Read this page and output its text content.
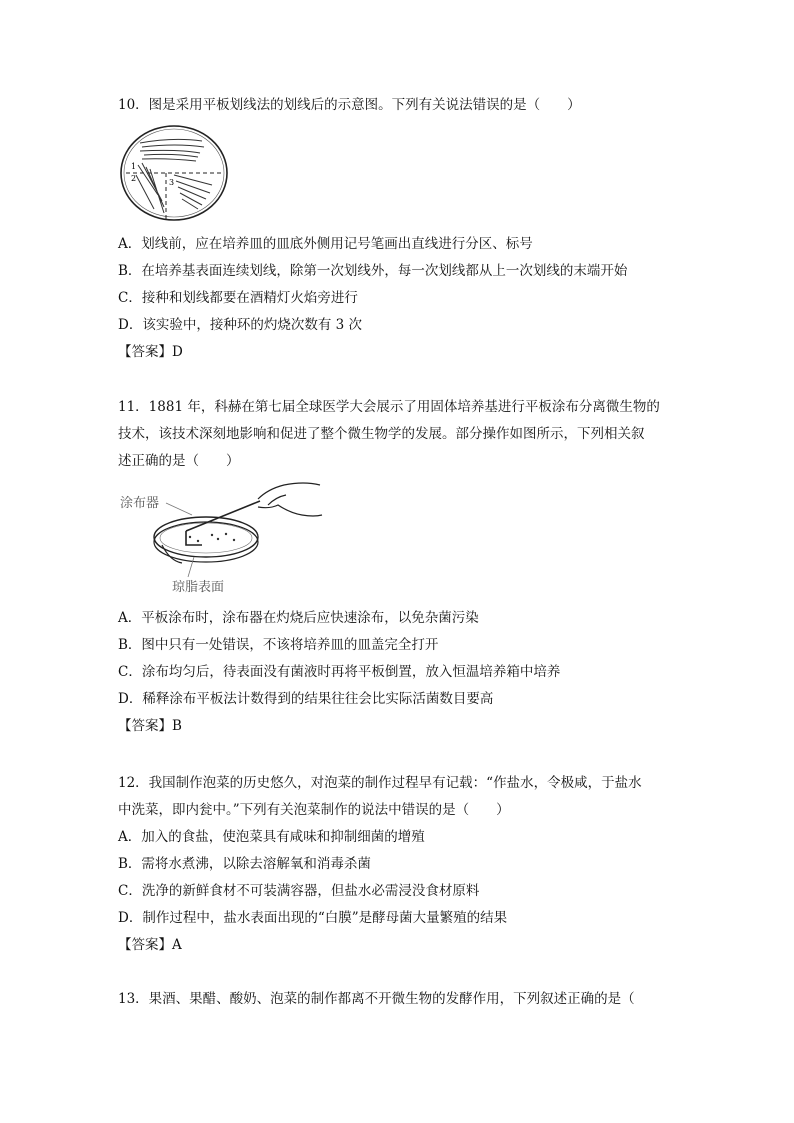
10．图是采用平板划线法的划线后的示意图。下列有关说法错误的是（　　）
1
2	3
A．划线前，应在培养皿的皿底外侧用记号笔画出直线进行分区、标号
B．在培养基表面连续划线，除第一次划线外，每一次划线都从上一次划线的末端开始
C．接种和划线都要在酒精灯火焰旁进行
D．该实验中，接种环的灼烧次数有 3 次
【答案】D
11．1881 年，科赫在第七届全球医学大会展示了用固体培养基进行平板涂布分离微生物的
技术，该技术深刻地影响和促进了整个微生物学的发展。部分操作如图所示，下列相关叙
述正确的是（　　）
涂布器
琼脂表面
A．平板涂布时，涂布器在灼烧后应快速涂布，以免杂菌污染
B．图中只有一处错误，不该将培养皿的皿盖完全打开
C．涂布均匀后，待表面没有菌液时再将平板倒置，放入恒温培养箱中培养
D．稀释涂布平板法计数得到的结果往往会比实际活菌数目要高
【答案】B
12．我国制作泡菜的历史悠久，对泡菜的制作过程早有记载：“作盐水，令极咸，于盐水
中洗菜，即内瓮中。”下列有关泡菜制作的说法中错误的是（　　）
A．加入的食盐，使泡菜具有咸味和抑制细菌的增殖
B．需将水煮沸，以除去溶解氧和消毒杀菌
C．洗净的新鲜食材不可装满容器，但盐水必需浸没食材原料
D．制作过程中，盐水表面出现的“白膜”是酵母菌大量繁殖的结果
【答案】A
13．果酒、果醋、酸奶、泡菜的制作都离不开微生物的发酵作用，下列叙述正确的是（
